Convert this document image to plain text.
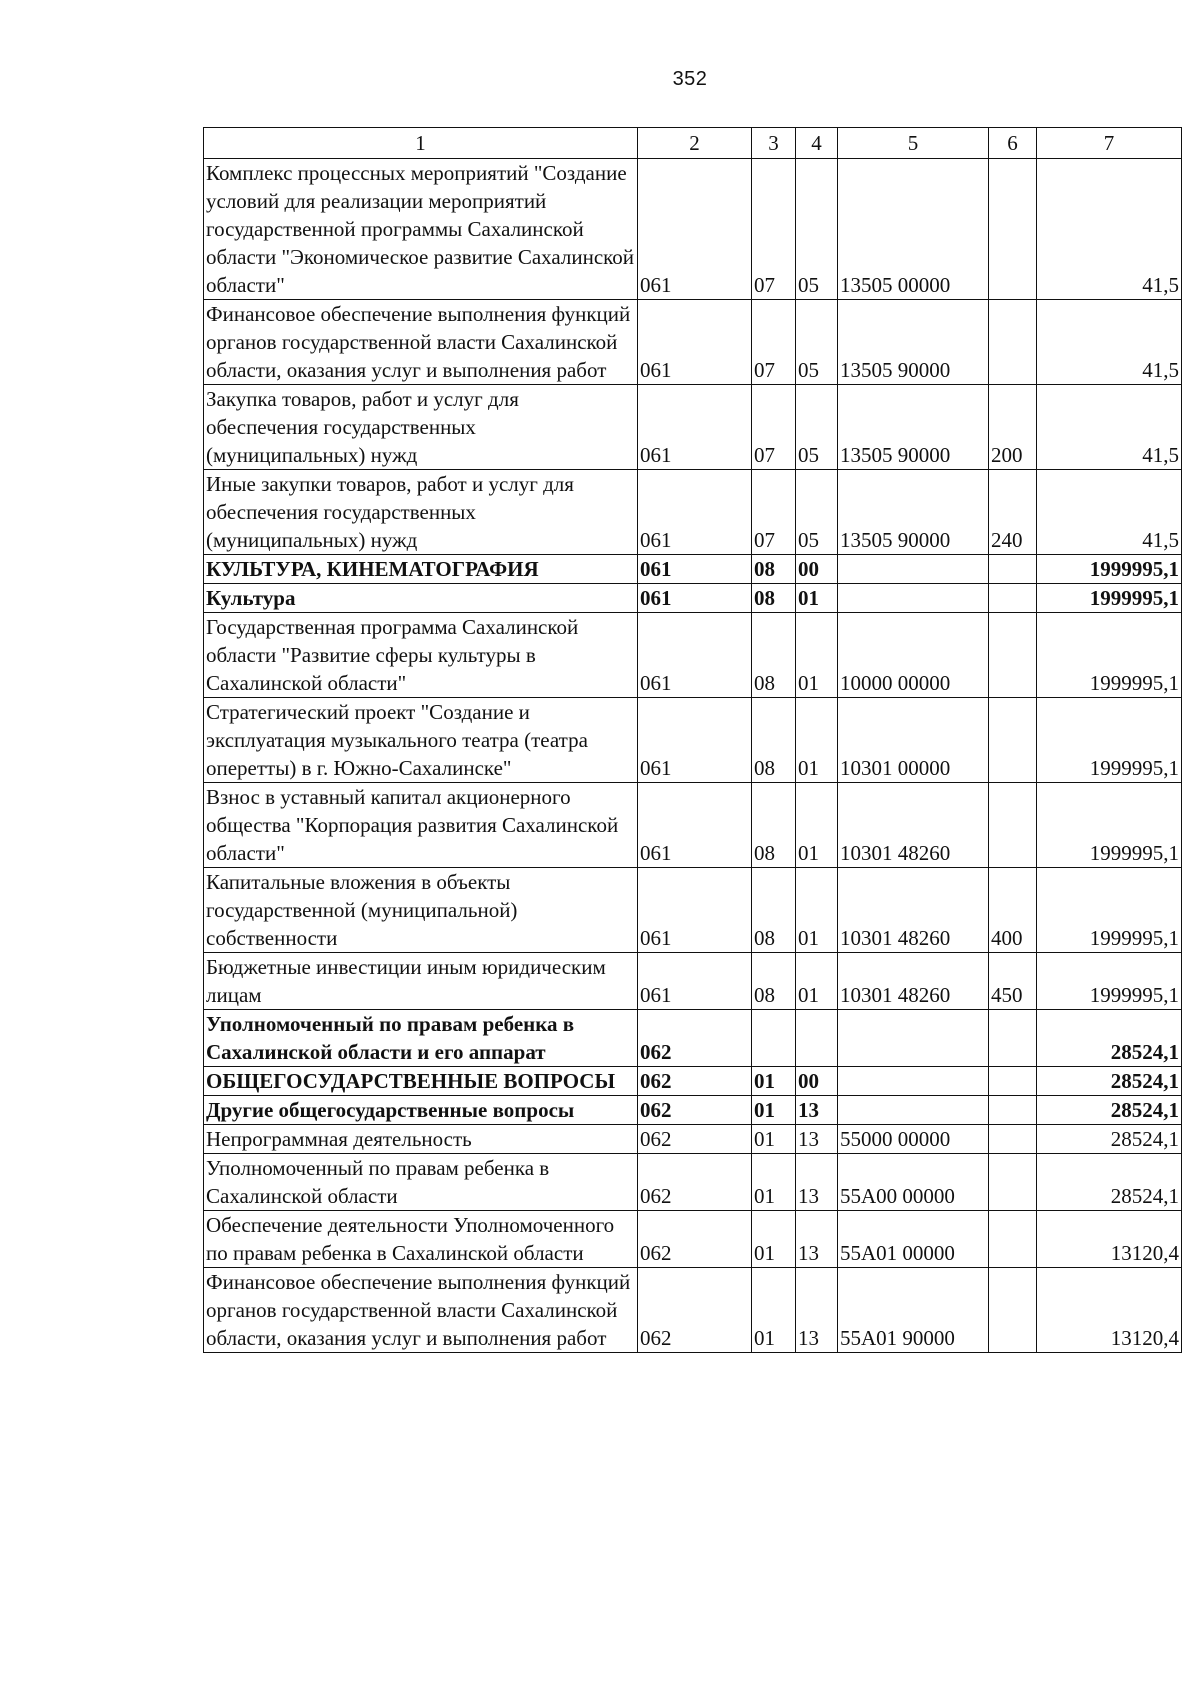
352
1	2	3	4	5	6	7
Комплекс процессных мероприятий "Создание условий для реализации мероприятий государственной программы Сахалинской области "Экономическое развитие Сахалинской области"	061	07	05	13505 00000		41,5
Финансовое обеспечение выполнения функций органов государственной власти Сахалинской области, оказания услуг и выполнения работ	061	07	05	13505 90000		41,5
Закупка товаров, работ и услуг для обеспечения государственных (муниципальных) нужд	061	07	05	13505 90000	200	41,5
Иные закупки товаров, работ и услуг для обеспечения государственных (муниципальных) нужд	061	07	05	13505 90000	240	41,5
КУЛЬТУРА, КИНЕМАТОГРАФИЯ	061	08	00			1999995,1
Культура	061	08	01			1999995,1
Государственная программа Сахалинской области "Развитие сферы культуры в Сахалинской области"	061	08	01	10000 00000		1999995,1
Стратегический проект "Создание и эксплуатация музыкального театра (театра оперетты) в г. Южно-Сахалинске"	061	08	01	10301 00000		1999995,1
Взнос в уставный капитал акционерного общества "Корпорация развития Сахалинской области"	061	08	01	10301 48260		1999995,1
Капитальные вложения в объекты государственной (муниципальной) собственности	061	08	01	10301 48260	400	1999995,1
Бюджетные инвестиции иным юридическим лицам	061	08	01	10301 48260	450	1999995,1
Уполномоченный по правам ребенка в Сахалинской области и его аппарат	062					28524,1
ОБЩЕГОСУДАРСТВЕННЫЕ ВОПРОСЫ	062	01	00			28524,1
Другие общегосударственные вопросы	062	01	13			28524,1
Непрограммная деятельность	062	01	13	55000 00000		28524,1
Уполномоченный по правам ребенка в Сахалинской области	062	01	13	55А00 00000		28524,1
Обеспечение деятельности Уполномоченного по правам ребенка в Сахалинской области	062	01	13	55А01 00000		13120,4
Финансовое обеспечение выполнения функций органов государственной власти Сахалинской области, оказания услуг и выполнения работ	062	01	13	55А01 90000		13120,4
